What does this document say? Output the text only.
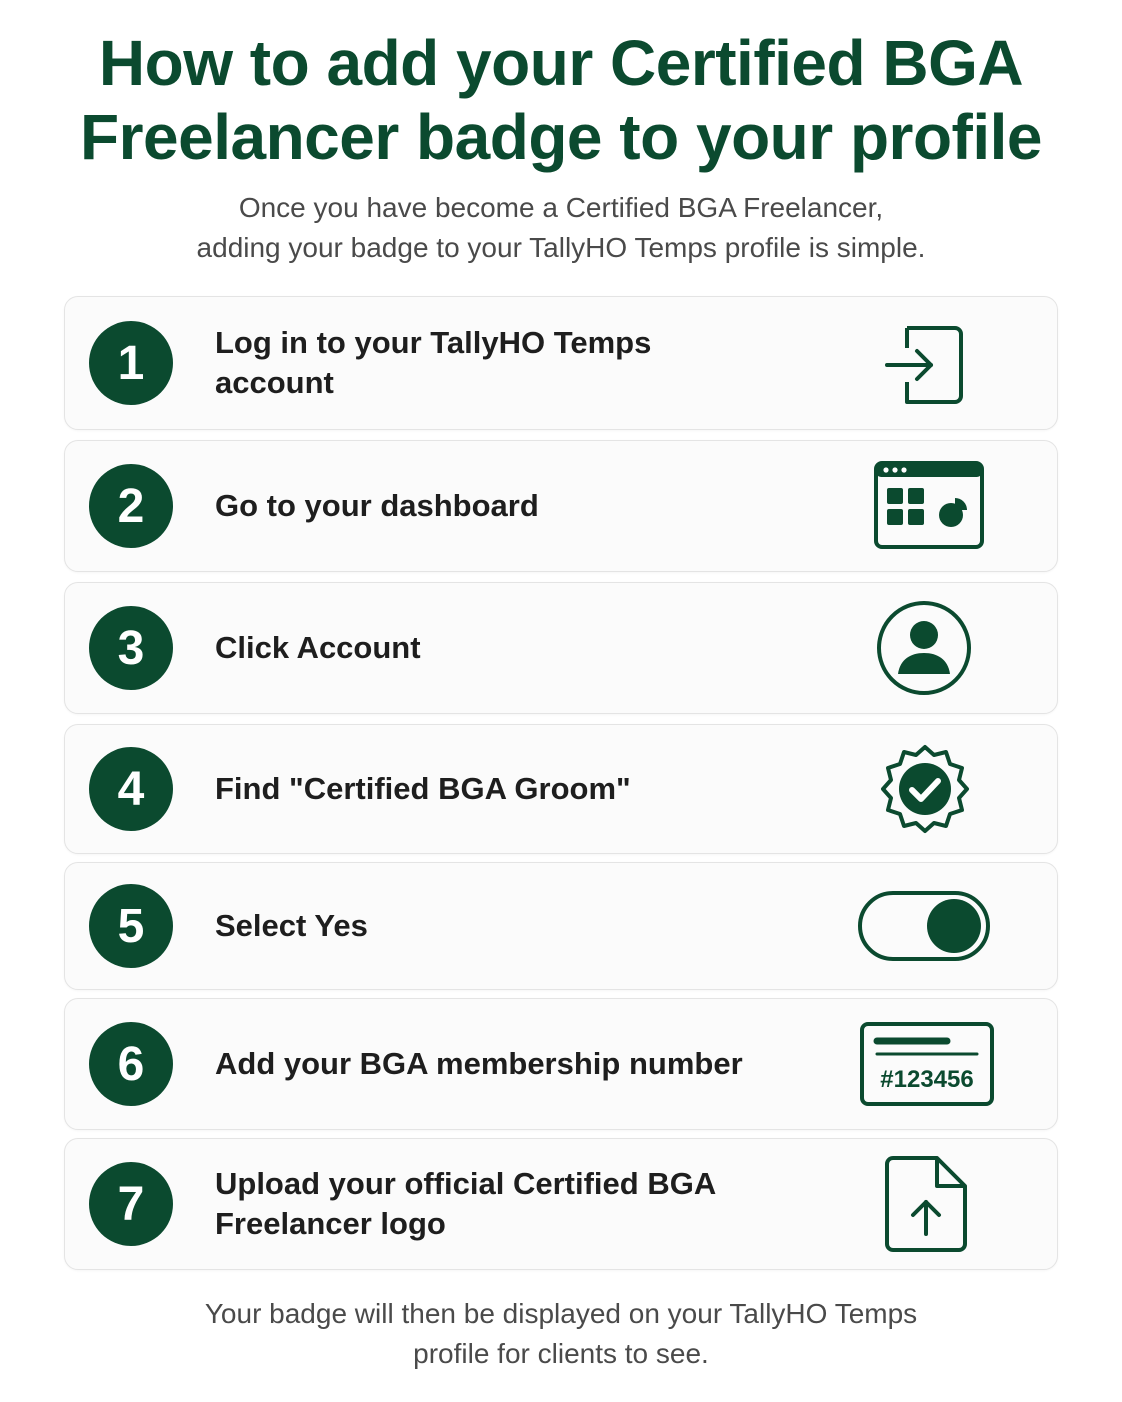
How to add your Certified BGA
Freelancer badge to your profile

Once you have become a Certified BGA Freelancer,
adding your badge to your TallyHO Temps profile is simple.

1	Log in to your TallyHO Temps account
2	Go to your dashboard
3	Click Account
4	Find "Certified BGA Groom"
5	Select Yes
6	Add your BGA membership number	#123456
7	Upload your official Certified BGA
Freelancer logo

Your badge will then be displayed on your TallyHO Temps
profile for clients to see.
